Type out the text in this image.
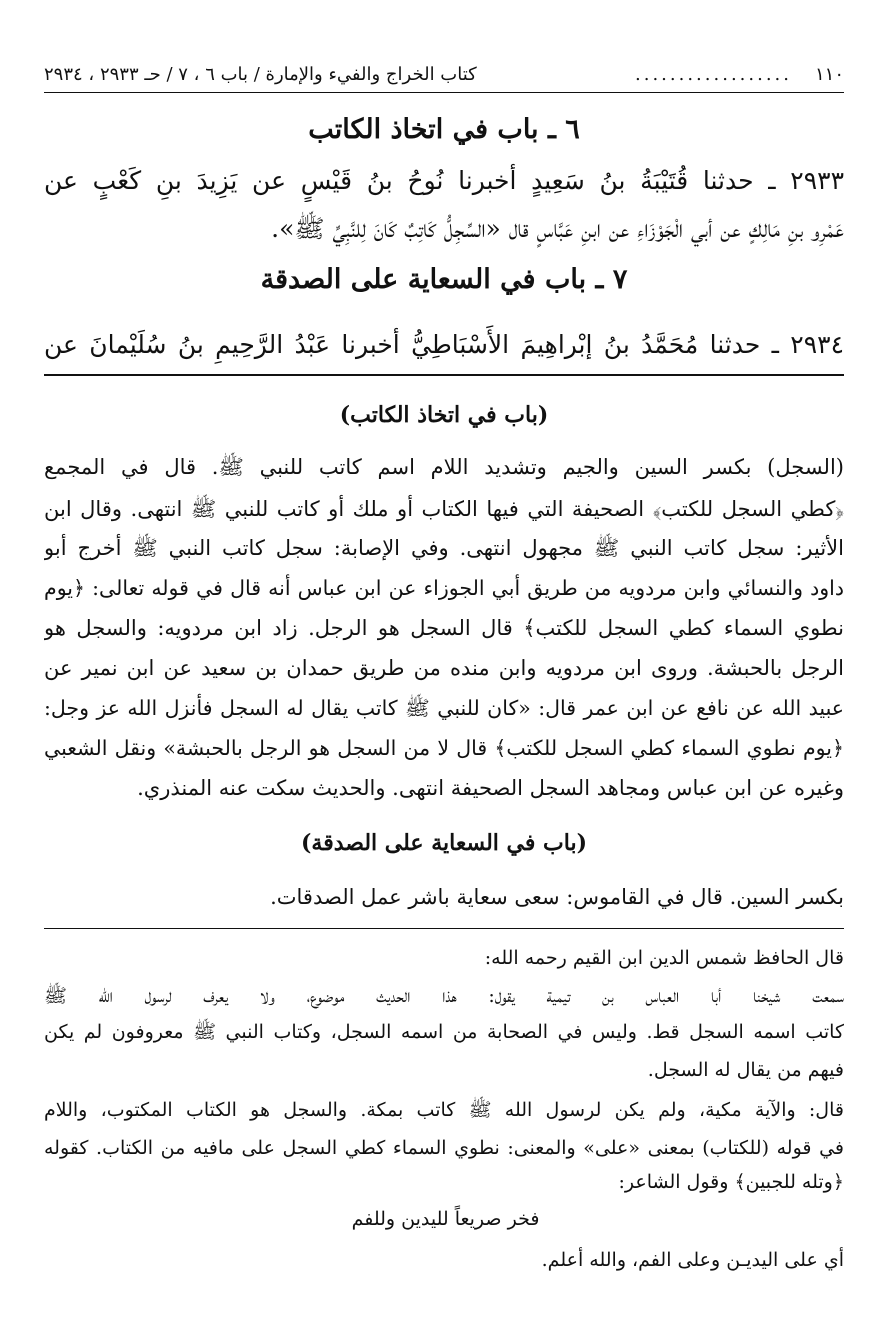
١١٠
..................
كتاب الخراج والفيء والإمارة / باب ٦ ، ٧ / حـ ٢٩٣٣ ، ٢٩٣٤
٦ ـ باب في اتخاذ الكاتب
٢٩٣٣ ـ حدثنا قُتَيْبَةُ بنُ سَعِيدٍ أخبرنا نُوحُ بنُ قَيْسٍ عن يَزِيدَ بنِ كَعْبٍ عن
عَمْرِو بنِ مَالِكٍ عن أبي الْجَوْزَاءِ عن ابنِ عَبَّاسٍ قال «السِّجِلُّ كَاتِبٌ كَانَ لِلنَّبِيِّ ﷺ».
٧ ـ باب في السعاية على الصدقة
٢٩٣٤ ـ حدثنا مُحَمَّدُ بنُ إبْراهِيمَ الأَسْبَاطِيُّ أخبرنا عَبْدُ الرَّحِيمِ بنُ سُلَيْمانَ عن
(باب في اتخاذ الكاتب)
(السجل) بكسر السين والجيم وتشديد اللام اسم كاتب للنبي ﷺ. قال في المجمع
﴿كطي السجل للكتب﴾ الصحيفة التي فيها الكتاب أو ملك أو كاتب للنبي ﷺ انتهى. وقال ابن
الأثير: سجل كاتب النبي ﷺ مجهول انتهى. وفي الإصابة: سجل كاتب النبي ﷺ أخرج أبو
داود والنسائي وابن مردويه من طريق أبي الجوزاء عن ابن عباس أنه قال في قوله تعالى: ﴿يوم
نطوي السماء كطي السجل للكتب﴾ قال السجل هو الرجل. زاد ابن مردويه: والسجل هو
الرجل بالحبشة. وروى ابن مردويه وابن منده من طريق حمدان بن سعيد عن ابن نمير عن
عبيد الله عن نافع عن ابن عمر قال: «كان للنبي ﷺ كاتب يقال له السجل فأنزل الله عز وجل:
﴿يوم نطوي السماء كطي السجل للكتب﴾ قال لا من السجل هو الرجل بالحبشة» ونقل الشعبي
وغيره عن ابن عباس ومجاهد السجل الصحيفة انتهى. والحديث سكت عنه المنذري.
(باب في السعاية على الصدقة)
بكسر السين. قال في القاموس: سعى سعاية باشر عمل الصدقات.
قال الحافظ شمس الدين ابن القيم رحمه الله:
سمعت شيخنا أبا العباس بن تيمية يقول: هذا الحديث موضوع، ولا يعرف لرسول الله ﷺ
كاتب اسمه السجل قط. وليس في الصحابة من اسمه السجل، وكتاب النبي ﷺ معروفون لم يكن
فيهم من يقال له السجل.
قال: والآية مكية، ولم يكن لرسول الله ﷺ كاتب بمكة. والسجل هو الكتاب المكتوب، واللام
في قوله (للكتاب) بمعنى «على» والمعنى: نطوي السماء كطي السجل على مافيه من الكتاب. كقوله
﴿وتله للجبين﴾ وقول الشاعر:
فخر صريعاً لليدين وللفم
أي على اليديـن وعلى الفم، والله أعلم.
